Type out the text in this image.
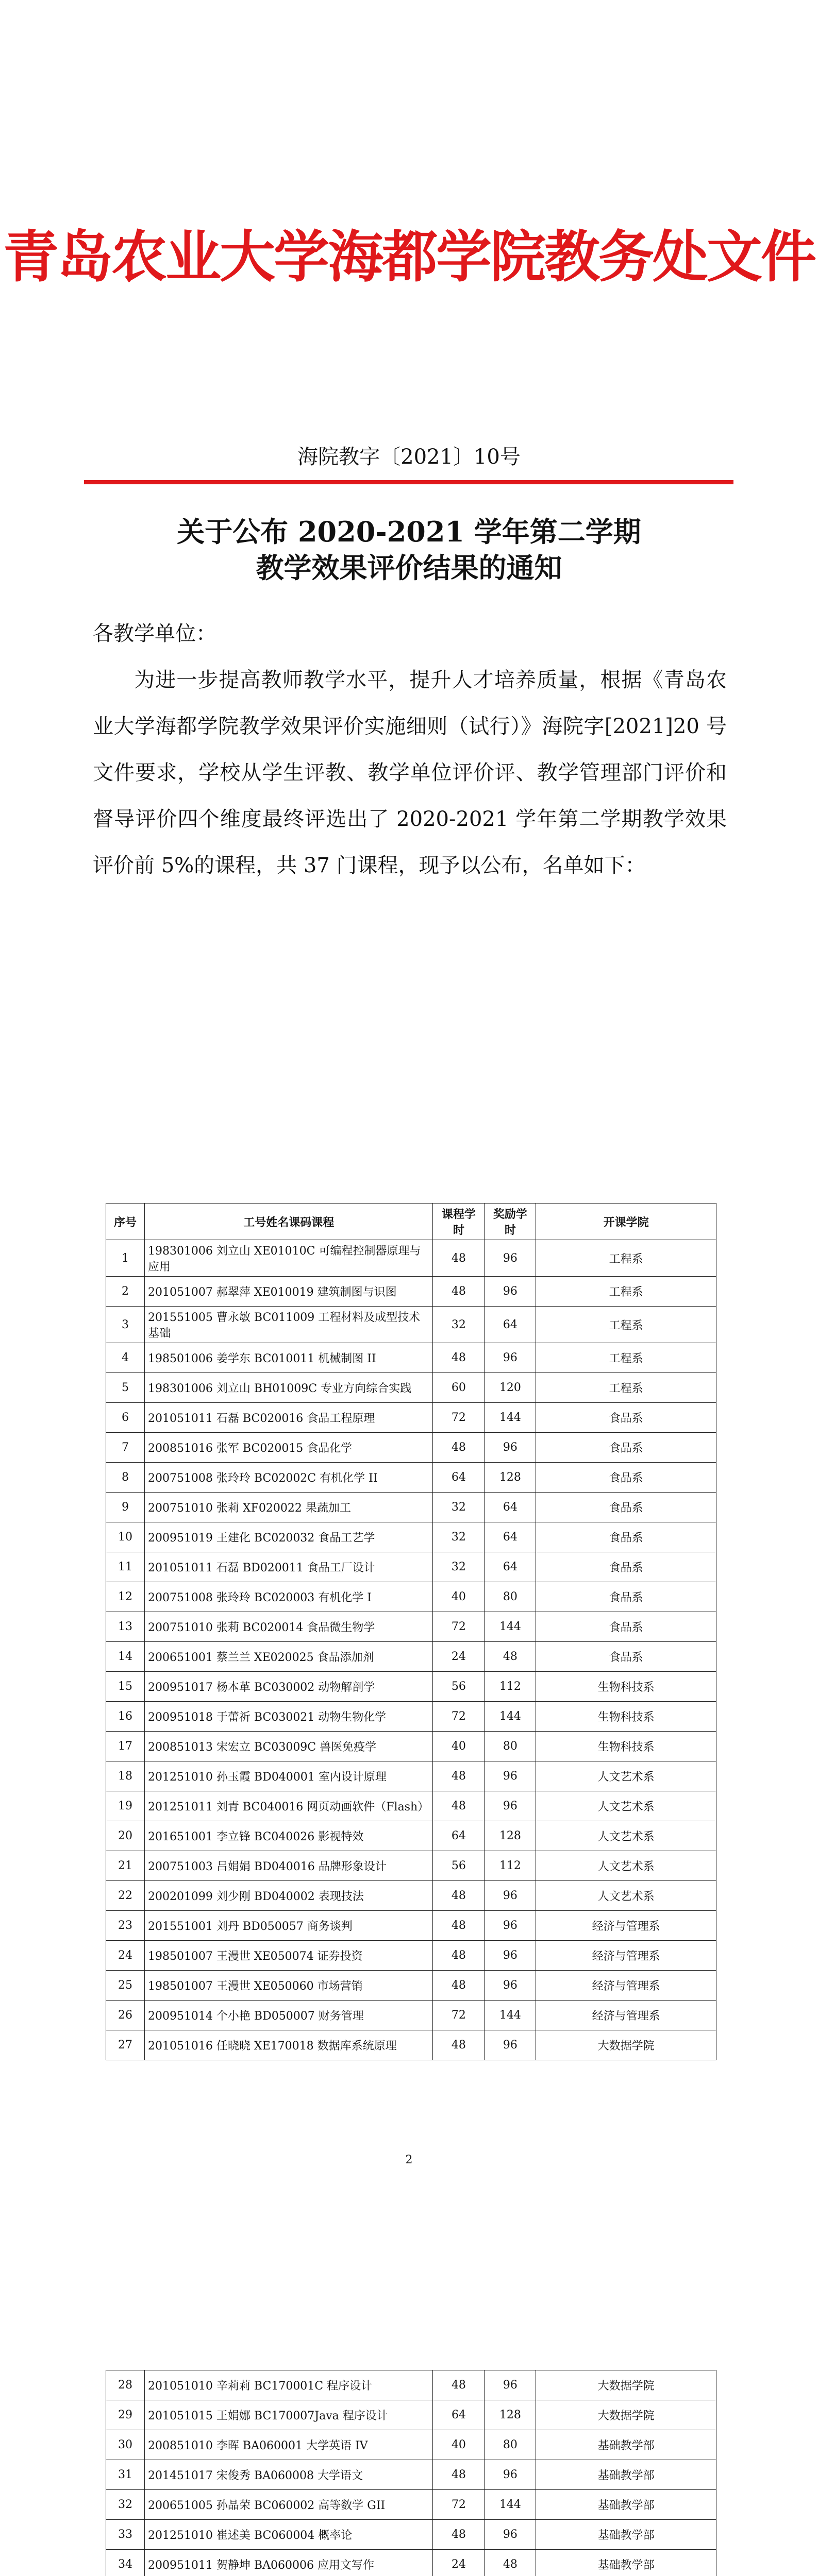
青岛农业大学海都学院教务处文件
海院教字〔2021〕10号
关于公布 2020-2021 学年第二学期
教学效果评价结果的通知
各教学单位：
为进一步提高教师教学水平，提升人才培养质量，根据《青岛农业大学海都学院教学效果评价实施细则（试行）》海院字[2021]20 号文件要求，学校从学生评教、教学单位评价评、教学管理部门评价和督导评价四个维度最终评选出了 2020-2021 学年第二学期教学效果评价前 5%的课程，共 37 门课程，现予以公布，名单如下：
序号	工号姓名课码课程	课程学时	奖励学时	开课学院
1	198301006 刘立山 XE01010C 可编程控制器原理与应用	48	96	工程系
2	201051007 郝翠萍 XE010019 建筑制图与识图	48	96	工程系
3	201551005 曹永敏 BC011009 工程材料及成型技术基础	32	64	工程系
4	198501006 姜学东 BC010011 机械制图 II	48	96	工程系
5	198301006 刘立山 BH01009C 专业方向综合实践	60	120	工程系
6	201051011 石磊 BC020016 食品工程原理	72	144	食品系
7	200851016 张军 BC020015 食品化学	48	96	食品系
8	200751008 张玲玲 BC02002C 有机化学 II	64	128	食品系
9	200751010 张莉 XF020022 果蔬加工	32	64	食品系
10	200951019 王建化 BC020032 食品工艺学	32	64	食品系
11	201051011 石磊 BD020011 食品工厂设计	32	64	食品系
12	200751008 张玲玲 BC020003 有机化学 I	40	80	食品系
13	200751010 张莉 BC020014 食品微生物学	72	144	食品系
14	200651001 蔡兰兰 XE020025 食品添加剂	24	48	食品系
15	200951017 杨本革 BC030002 动物解剖学	56	112	生物科技系
16	200951018 于蕾祈 BC030021 动物生物化学	72	144	生物科技系
17	200851013 宋宏立 BC03009C 兽医免疫学	40	80	生物科技系
18	201251010 孙玉霞 BD040001 室内设计原理	48	96	人文艺术系
19	201251011 刘青 BC040016 网页动画软件（Flash）	48	96	人文艺术系
20	201651001 李立锋 BC040026 影视特效	64	128	人文艺术系
21	200751003 吕娟娟 BD040016 品牌形象设计	56	112	人文艺术系
22	200201099 刘少刚 BD040002 表现技法	48	96	人文艺术系
23	201551001 刘丹 BD050057 商务谈判	48	96	经济与管理系
24	198501007 王漫世 XE050074 证券投资	48	96	经济与管理系
25	198501007 王漫世 XE050060 市场营销	48	96	经济与管理系
26	200951014 个小艳 BD050007 财务管理	72	144	经济与管理系
27	201051016 任晓晓 XE170018 数据库系统原理	48	96	大数据学院
2
28	201051010 辛莉莉 BC170001C 程序设计	48	96	大数据学院
29	201051015 王娟娜 BC170007Java 程序设计	64	128	大数据学院
30	200851010 李晖 BA060001 大学英语 IV	40	80	基础教学部
31	201451017 宋俊秀 BA060008 大学语文	48	96	基础教学部
32	200651005 孙晶荣 BC060002 高等数学 GII	72	144	基础教学部
33	201251010 崔述美 BC060004 概率论	48	96	基础教学部
34	200951011 贺静坤 BA060006 应用文写作	24	48	基础教学部
